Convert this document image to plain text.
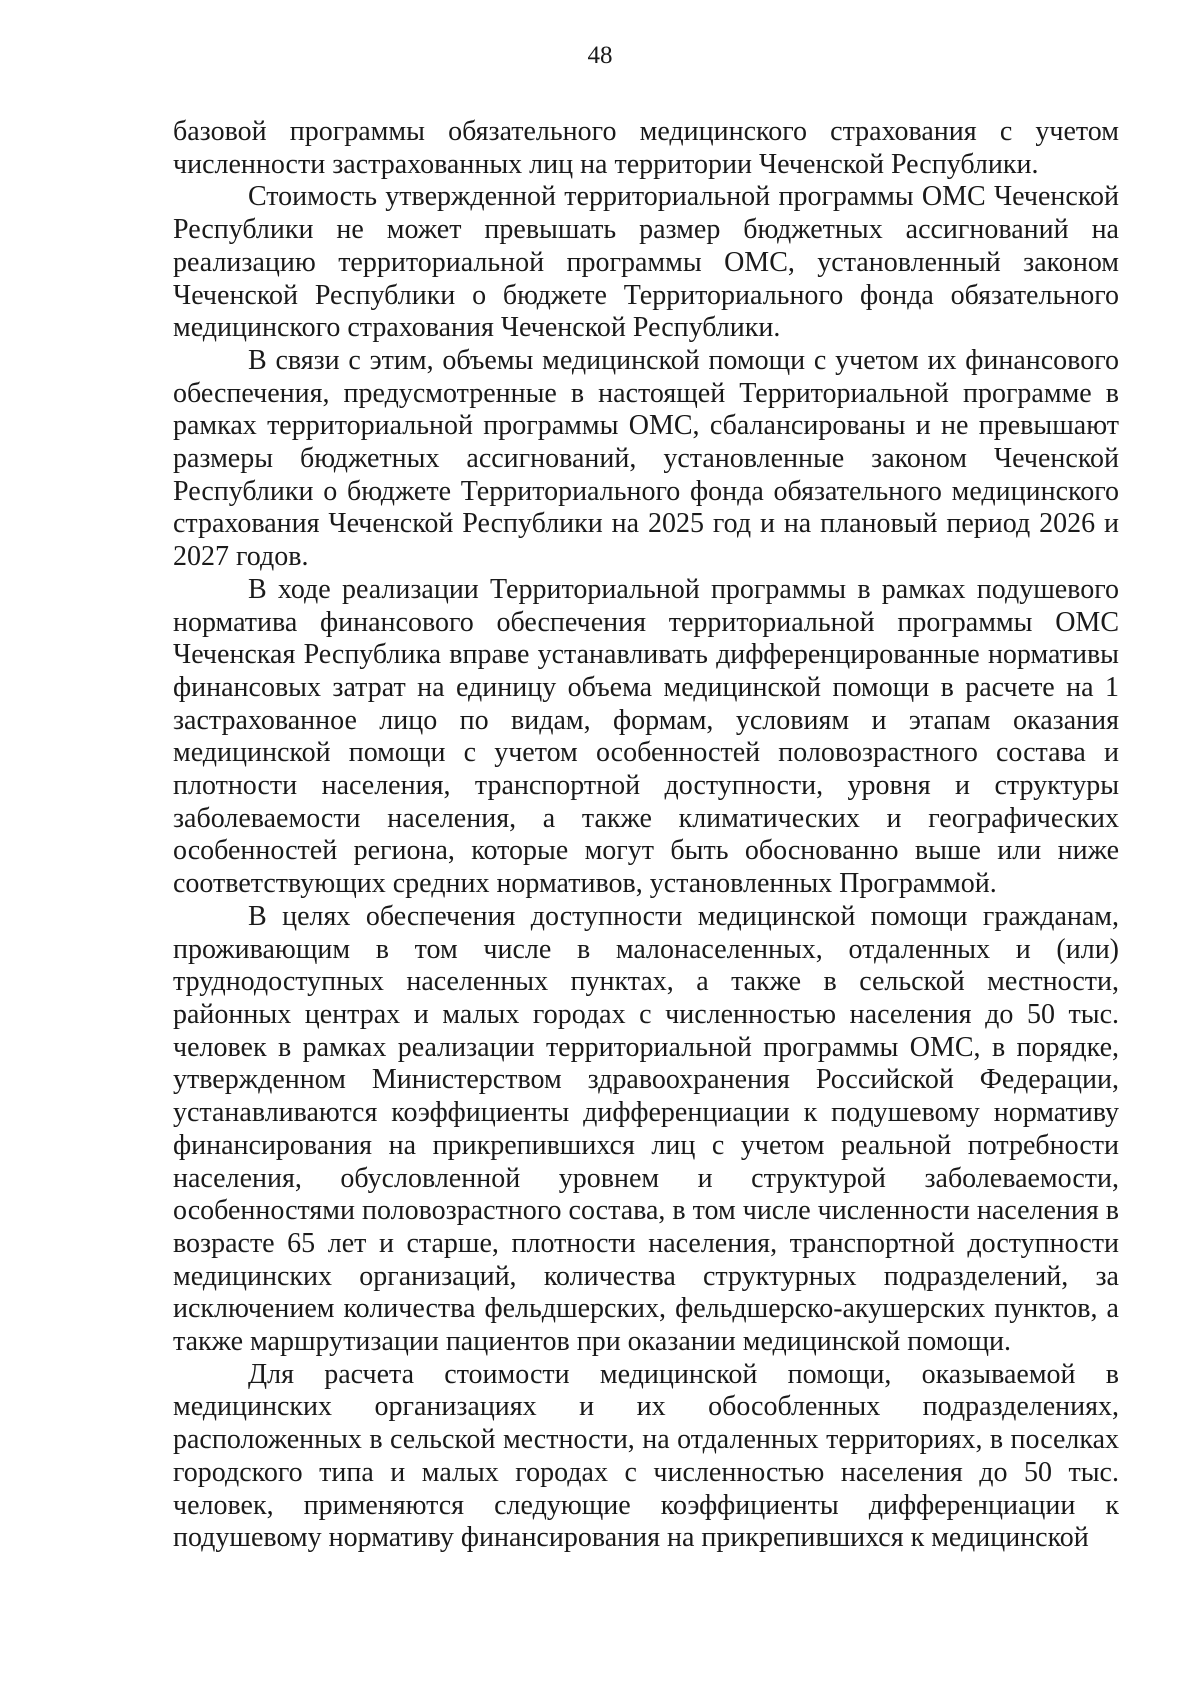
48

базовой программы обязательного медицинского страхования с учетом численности застрахованных лиц на территории Чеченской Республики.

Стоимость утвержденной территориальной программы ОМС Чеченской Республики не может превышать размер бюджетных ассигнований на реализацию территориальной программы ОМС, установленный законом Чеченской Республики о бюджете Территориального фонда обязательного медицинского страхования Чеченской Республики.

В связи с этим, объемы медицинской помощи с учетом их финансового обеспечения, предусмотренные в настоящей Территориальной программе в рамках территориальной программы ОМС, сбалансированы и не превышают размеры бюджетных ассигнований, установленные законом Чеченской Республики о бюджете Территориального фонда обязательного медицинского страхования Чеченской Республики на 2025 год и на плановый период 2026 и 2027 годов.

В ходе реализации Территориальной программы в рамках подушевого норматива финансового обеспечения территориальной программы ОМС Чеченская Республика вправе устанавливать дифференцированные нормативы финансовых затрат на единицу объема медицинской помощи в расчете на 1 застрахованное лицо по видам, формам, условиям и этапам оказания медицинской помощи с учетом особенностей половозрастного состава и плотности населения, транспортной доступности, уровня и структуры заболеваемости населения, а также климатических и географических особенностей региона, которые могут быть обоснованно выше или ниже соответствующих средних нормативов, установленных Программой.

В целях обеспечения доступности медицинской помощи гражданам, проживающим в том числе в малонаселенных, отдаленных и (или) труднодоступных населенных пунктах, а также в сельской местности, районных центрах и малых городах с численностью населения до 50 тыс. человек в рамках реализации территориальной программы ОМС, в порядке, утвержденном Министерством здравоохранения Российской Федерации, устанавливаются коэффициенты дифференциации к подушевому нормативу финансирования на прикрепившихся лиц с учетом реальной потребности населения, обусловленной уровнем и структурой заболеваемости, особенностями половозрастного состава, в том числе численности населения в возрасте 65 лет и старше, плотности населения, транспортной доступности медицинских организаций, количества структурных подразделений, за исключением количества фельдшерских, фельдшерско-акушерских пунктов, а также маршрутизации пациентов при оказании медицинской помощи.

Для расчета стоимости медицинской помощи, оказываемой в медицинских организациях и их обособленных подразделениях, расположенных в сельской местности, на отдаленных территориях, в поселках городского типа и малых городах с численностью населения до 50 тыс. человек, применяются следующие коэффициенты дифференциации к подушевому нормативу финансирования на прикрепившихся к медицинской
